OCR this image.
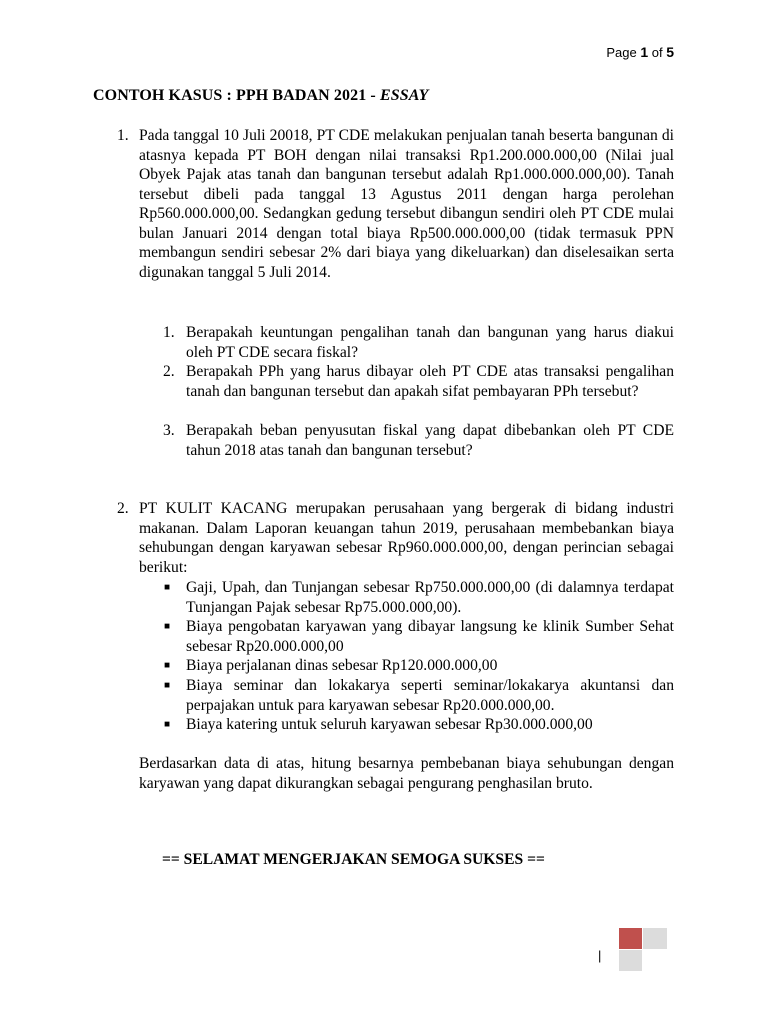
Page 1 of 5
CONTOH KASUS : PPH BADAN 2021 - ESSAY
1. Pada tanggal 10 Juli 20018, PT CDE melakukan penjualan tanah beserta bangunan di atasnya kepada PT BOH dengan nilai transaksi Rp1.200.000.000,00 (Nilai jual Obyek Pajak atas tanah dan bangunan tersebut adalah Rp1.000.000.000,00). Tanah tersebut dibeli pada tanggal 13 Agustus 2011 dengan harga perolehan Rp560.000.000,00. Sedangkan gedung tersebut dibangun sendiri oleh PT CDE mulai bulan Januari 2014 dengan total biaya Rp500.000.000,00 (tidak termasuk PPN membangun sendiri sebesar 2% dari biaya yang dikeluarkan) dan diselesaikan serta digunakan tanggal 5 Juli 2014.
1. Berapakah keuntungan pengalihan tanah dan bangunan yang harus diakui oleh PT CDE secara fiskal?
2. Berapakah PPh yang harus dibayar oleh PT CDE atas transaksi pengalihan tanah dan bangunan tersebut dan apakah sifat pembayaran PPh tersebut?
3. Berapakah beban penyusutan fiskal yang dapat dibebankan oleh PT CDE tahun 2018 atas tanah dan bangunan tersebut?
2. PT KULIT KACANG merupakan perusahaan yang bergerak di bidang industri makanan. Dalam Laporan keuangan tahun 2019, perusahaan membebankan biaya sehubungan dengan karyawan sebesar Rp960.000.000,00, dengan perincian sebagai berikut:
■ Gaji, Upah, dan Tunjangan sebesar Rp750.000.000,00 (di dalamnya terdapat Tunjangan Pajak sebesar Rp75.000.000,00).
■ Biaya pengobatan karyawan yang dibayar langsung ke klinik Sumber Sehat sebesar Rp20.000.000,00
■ Biaya perjalanan dinas sebesar Rp120.000.000,00
■ Biaya seminar dan lokakarya seperti seminar/lokakarya akuntansi dan perpajakan untuk para karyawan sebesar Rp20.000.000,00.
■ Biaya katering untuk seluruh karyawan sebesar Rp30.000.000,00
Berdasarkan data di atas, hitung besarnya pembebanan biaya sehubungan dengan karyawan yang dapat dikurangkan sebagai pengurang penghasilan bruto.
== SELAMAT MENGERJAKAN SEMOGA SUKSES ==
|
